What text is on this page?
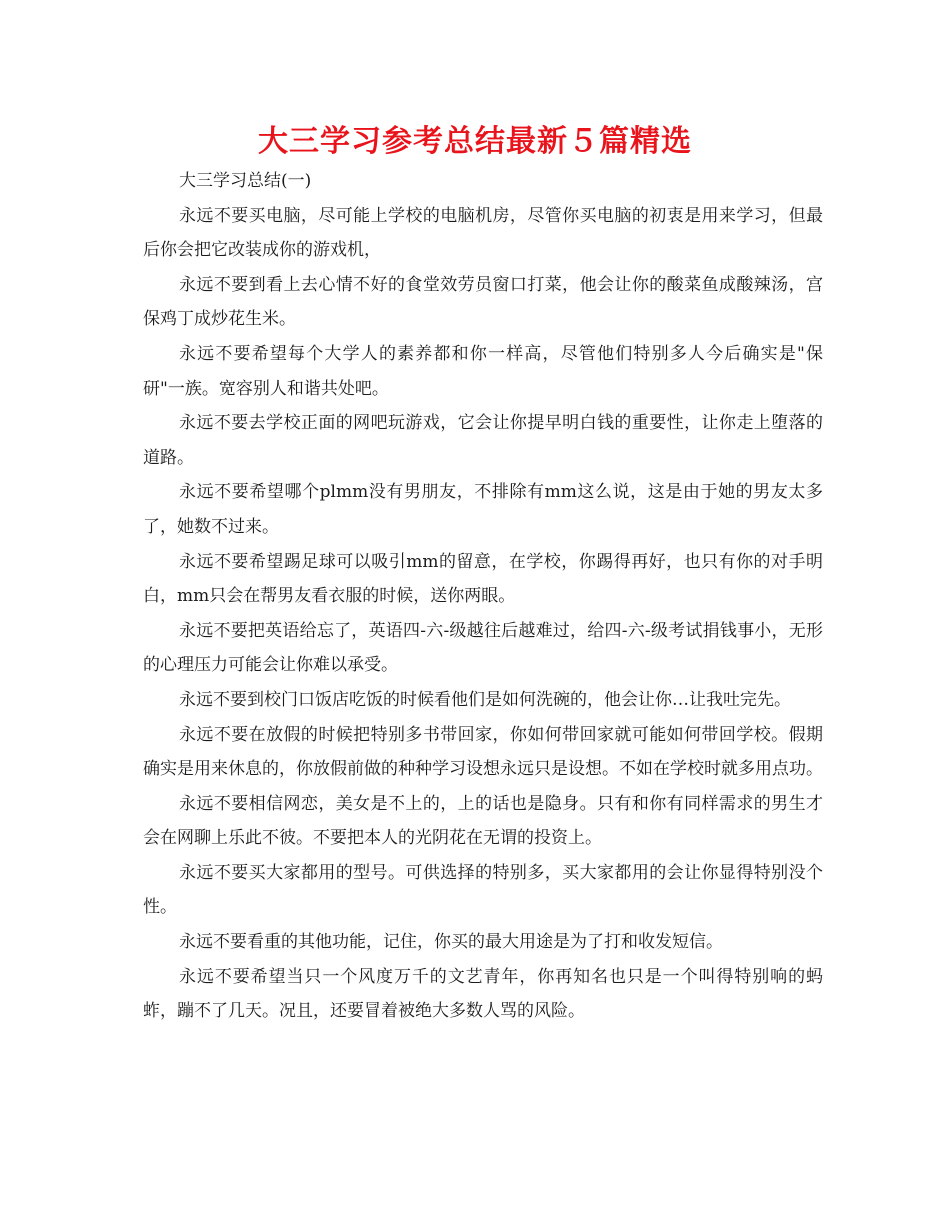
大三学习参考总结最新５篇精选

大三学习总结(一)

永远不要买电脑，尽可能上学校的电脑机房，尽管你买电脑的初衷是用来学习，但最后你会把它改装成你的游戏机，

永远不要到看上去心情不好的食堂效劳员窗口打菜，他会让你的酸菜鱼成酸辣汤，宫保鸡丁成炒花生米。

永远不要希望每个大学人的素养都和你一样高，尽管他们特别多人今后确实是"保研"一族。宽容别人和谐共处吧。

永远不要去学校正面的网吧玩游戏，它会让你提早明白钱的重要性，让你走上堕落的道路。

永远不要希望哪个plmm没有男朋友，不排除有mm这么说，这是由于她的男友太多了，她数不过来。

永远不要希望踢足球可以吸引mm的留意，在学校，你踢得再好，也只有你的对手明白，mm只会在帮男友看衣服的时候，送你两眼。

永远不要把英语给忘了，英语四-六-级越往后越难过，给四-六-级考试捐钱事小，无形的心理压力可能会让你难以承受。

永远不要到校门口饭店吃饭的时候看他们是如何洗碗的，他会让你…让我吐完先。

永远不要在放假的时候把特别多书带回家，你如何带回家就可能如何带回学校。假期确实是用来休息的，你放假前做的种种学习设想永远只是设想。不如在学校时就多用点功。

永远不要相信网恋，美女是不上的，上的话也是隐身。只有和你有同样需求的男生才会在网聊上乐此不彼。不要把本人的光阴花在无谓的投资上。

永远不要买大家都用的型号。可供选择的特别多，买大家都用的会让你显得特别没个性。

永远不要看重的其他功能，记住，你买的最大用途是为了打和收发短信。

永远不要希望当只一个风度万千的文艺青年，你再知名也只是一个叫得特别响的蚂蚱，蹦不了几天。况且，还要冒着被绝大多数人骂的风险。
